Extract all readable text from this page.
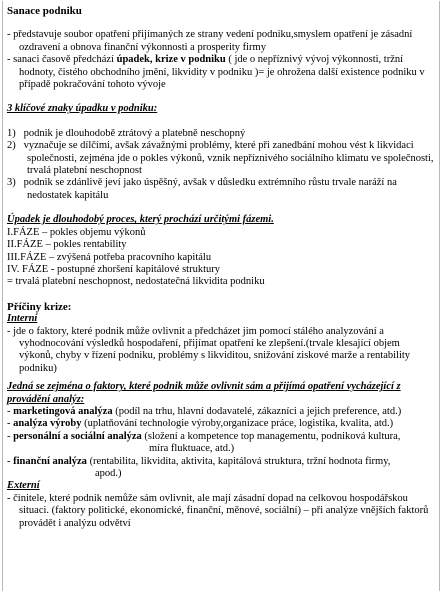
Sanace podniku

- představuje soubor opatření přijímaných ze strany vedení podniku,smyslem opatření je zásadní ozdravení a obnova finanční výkonnosti a prosperity firmy

- sanaci časově předchází úpadek, krize v podniku ( jde o nepříznivý vývoj výkonnosti, tržní hodnoty, čistého obchodního jmění, likvidity v podniku )= je ohrožena další existence podniku v případě pokračování tohoto vývoje

3 klíčové znaky úpadku v podniku:

1)   podnik je dlouhodobě ztrátový a platebně neschopný

2)   vyznačuje se dílčími, avšak závažnými problémy, které při zanedbání mohou vést k likvidaci společnosti, zejména jde o pokles výkonů, vznik nepříznivého sociálního klimatu ve společnosti, trvalá platební neschopnost

3)   podnik se zdánlivě jeví jako úspěšný, avšak v důsledku extrémního růstu trvale naráží na nedostatek kapitálu

Úpadek je dlouhodobý proces, který prochází určitými fázemi.

I.FÁZE – pokles objemu výkonů

II.FÁZE – pokles rentability

III.FÁZE – zvýšená potřeba pracovního kapitálu

IV. FÁZE - postupné zhoršení kapitálové struktury

= trvalá platební neschopnost, nedostatečná likvidita podniku

Příčiny krize:

Interní

- jde o faktory, které podnik může ovlivnit a předcházet jim pomocí stálého analyzování a vyhodnocování výsledků hospodaření, přijímat opatření ke zlepšení.(trvale klesající objem výkonů, chyby v řízení podniku, problémy s likviditou, snižování ziskové marže a rentability podniku)

Jedná se zejména o faktory, které podnik může ovlivnit sám a přijímá opatření vycházející z provádění analýz:

- marketingová analýza (podíl na trhu, hlavní dodavatelé, zákazníci a jejich preference, atd.)

- analýza výroby (uplatňování technologie výroby,organizace práce, logistika, kvalita, atd.)

- personální a sociální analýza (složení a kompetence top managementu, podniková kultura,

míra fluktuace, atd.)

- finanční analýza (rentabilita, likvidita, aktivita, kapitálová struktura, tržní hodnota firmy,

apod.)

Externí

- činitele, které podnik nemůže sám ovlivnit, ale mají zásadní dopad na celkovou hospodářskou situaci. (faktory politické, ekonomické, finanční, měnové, sociální) – při analýze vnějších faktorů provádět i analýzu odvětví
